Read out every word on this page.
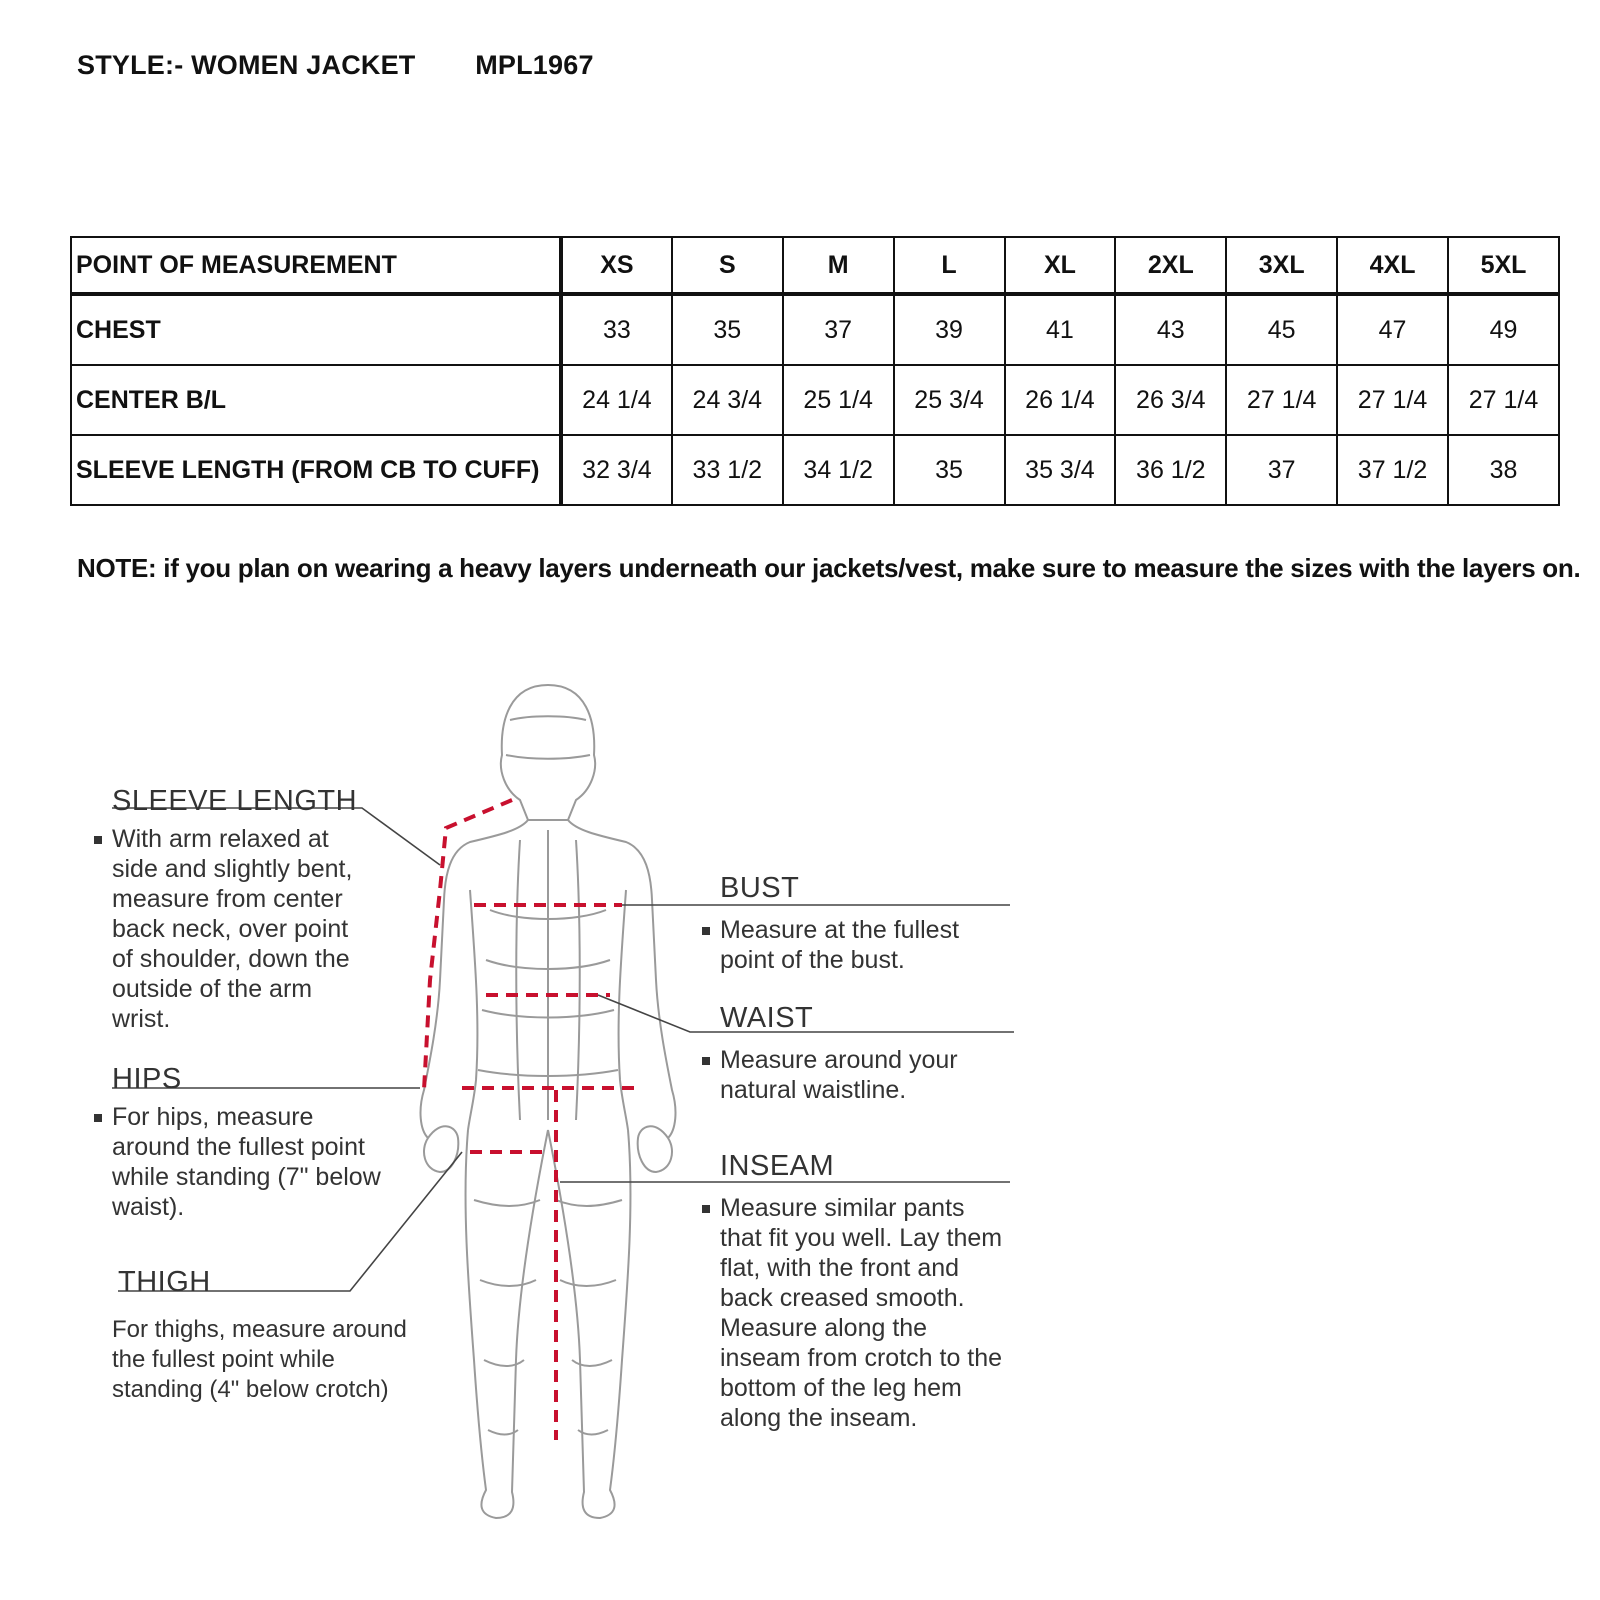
STYLE:- WOMEN JACKET MPL1967
POINT OF MEASUREMENT	XS	S	M	L	XL	2XL	3XL	4XL	5XL
CHEST	33	35	37	39	41	43	45	47	49
CENTER B/L	24 1/4	24 3/4	25 1/4	25 3/4	26 1/4	26 3/4	27 1/4	27 1/4	27 1/4
SLEEVE LENGTH (FROM CB TO CUFF)	32 3/4	33 1/2	34 1/2	35	35 3/4	36 1/2	37	37 1/2	38
NOTE: if you plan on wearing a heavy layers underneath our jackets/vest, make sure to measure the sizes with the layers on.
SLEEVE LENGTH
With arm relaxed at side and slightly bent, measure from center back neck, over point of shoulder, down the outside of the arm wrist.
HIPS
For hips, measure around the fullest point while standing (7" below waist).
THIGH
For thighs, measure around the fullest point while standing (4" below crotch)
BUST
Measure at the fullest point of the bust.
WAIST
Measure around your natural waistline.
INSEAM
Measure similar pants that fit you well. Lay them flat, with the front and back creased smooth. Measure along the inseam from crotch to the bottom of the leg hem along the inseam.
